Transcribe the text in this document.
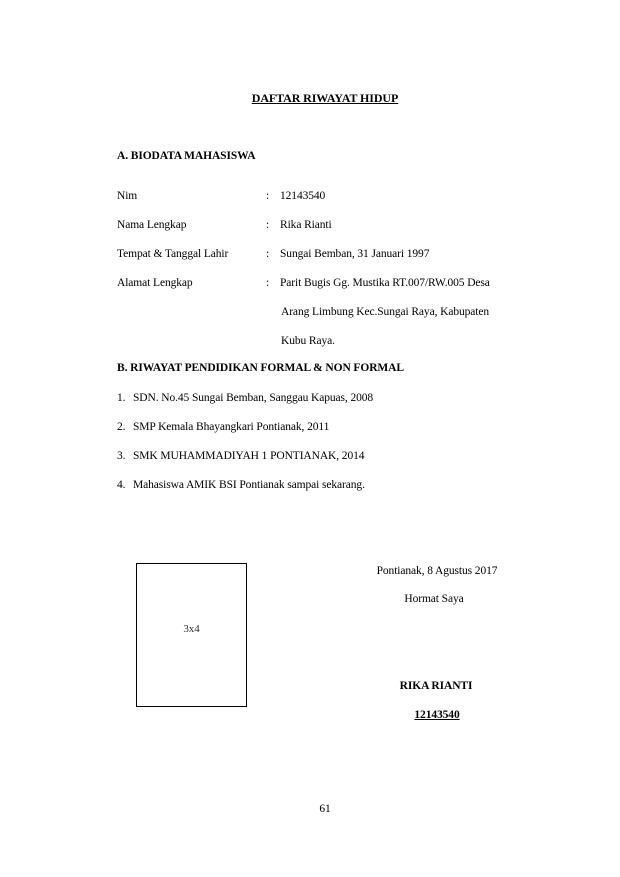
DAFTAR RIWAYAT HIDUP
A. BIODATA MAHASISWA
Nim	: 12143540
Nama Lengkap	: Rika Rianti
Tempat & Tanggal Lahir	: Sungai Bemban, 31 Januari 1997
Alamat Lengkap	: Parit Bugis Gg. Mustika RT.007/RW.005 Desa
Arang Limbung Kec.Sungai Raya, Kabupaten
Kubu Raya.
B. RIWAYAT PENDIDIKAN FORMAL & NON FORMAL
1. SDN. No.45 Sungai Bemban, Sanggau Kapuas, 2008
2. SMP Kemala Bhayangkari Pontianak, 2011
3. SMK MUHAMMADIYAH 1 PONTIANAK, 2014
4. Mahasiswa AMIK BSI Pontianak sampai sekarang.
3x4
Pontianak, 8 Agustus 2017
Hormat Saya
RIKA RIANTI
12143540
61
